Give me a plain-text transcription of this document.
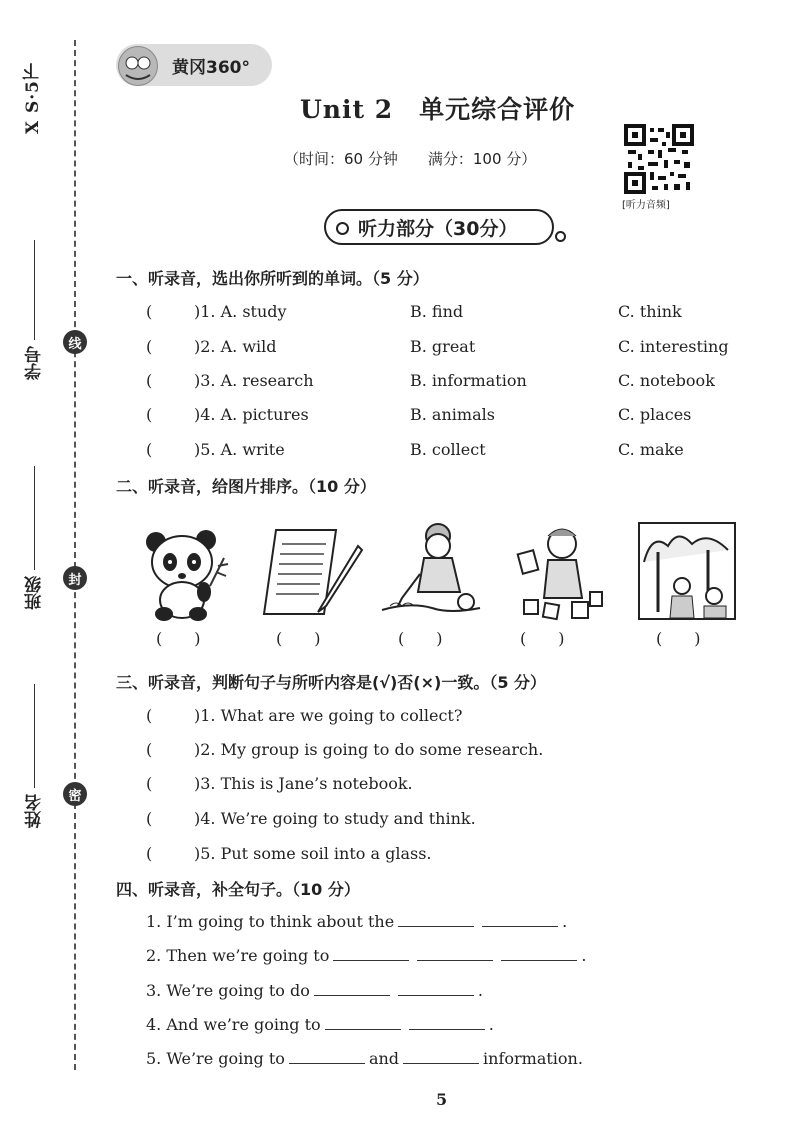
X S·5下
线
封
密
学号
班级
姓名
黄冈360°
Unit 2　单元综合评价
（时间：60 分钟　　满分：100 分）
[听力音频]
听力部分（30分）
一、听录音，选出你所听到的单词。（5 分）
(	)1. A. study	B. find	C. think
(	)2. A. wild	B. great	C. interesting
(	)3. A. research	B. information	C. notebook
(	)4. A. pictures	B. animals	C. places
(	)5. A. write	B. collect	C. make
二、听录音，给图片排序。（10 分）
(　　)	(　　)	(　　)	(　　)	(　　)
三、听录音，判断句子与所听内容是(√)否(×)一致。（5 分）
(	)1. What are we going to collect?
(	)2. My group is going to do some research.
(	)3. This is Jane’s notebook.
(	)4. We’re going to study and think.
(	)5. Put some soil into a glass.
四、听录音，补全句子。（10 分）
1. I’m going to think about the	.
2. Then we’re going to	.
3. We’re going to do	.
4. And we’re going to	.
5. We’re going to	and	information.
5
